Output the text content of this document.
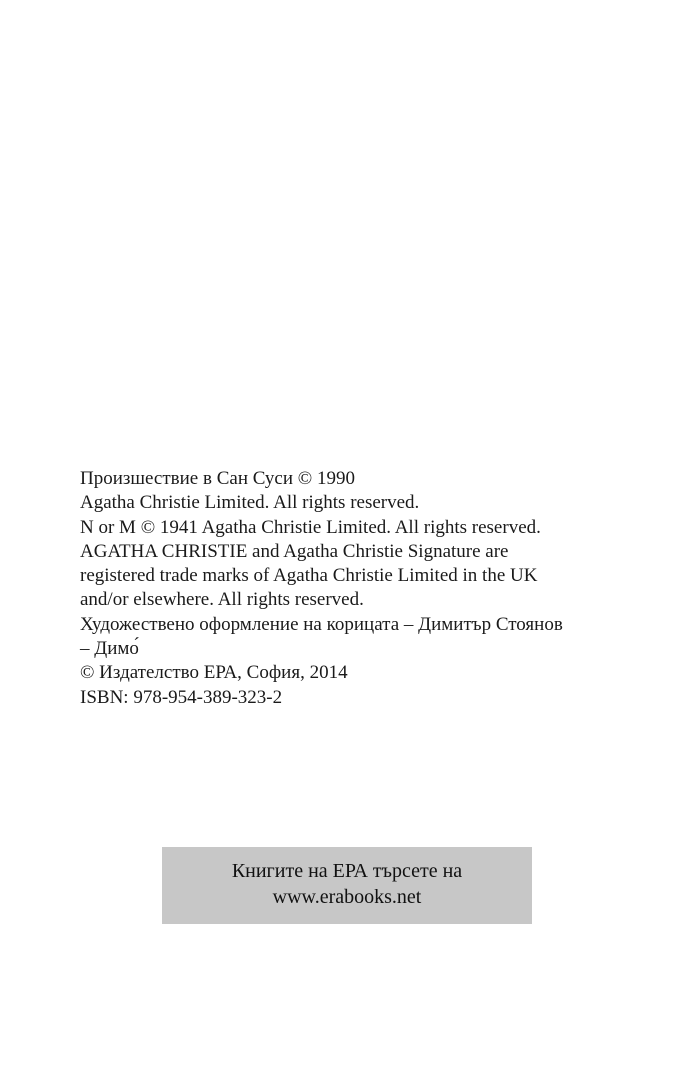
Произшествие в Сан Суси © 1990
Agatha Christie Limited. All rights reserved.
N or M © 1941 Agatha Christie Limited. All rights reserved.
AGATHA CHRISTIE and Agatha Christie Signature are
registered trade marks of Agatha Christie Limited in the UK
and/or elsewhere. All rights reserved.
Художествено оформление на корицата – Димитър Стоянов
– Димо́
© Издателство ЕРА, София, 2014
ISBN: 978-954-389-323-2
Книгите на ЕРА търсете на
www.erabooks.net
